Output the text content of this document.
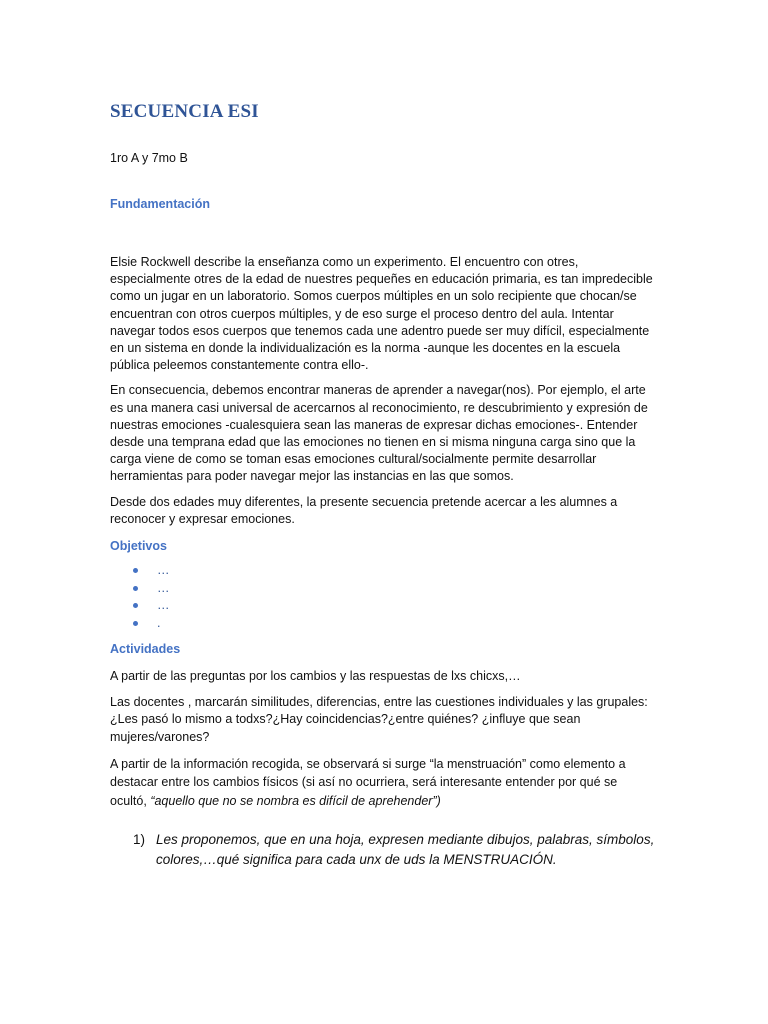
SECUENCIA ESI

1ro A y 7mo B

Fundamentación

Elsie Rockwell describe la enseñanza como un experimento. El encuentro con otres, especialmente otres de la edad de nuestres pequeñes en educación primaria, es tan impredecible como un jugar en un laboratorio. Somos cuerpos múltiples en un solo recipiente que chocan/se encuentran con otros cuerpos múltiples, y de eso surge el proceso dentro del aula. Intentar navegar todos esos cuerpos que tenemos cada une adentro puede ser muy difícil, especialmente en un sistema en donde la individualización es la norma -aunque les docentes en la escuela pública peleemos constantemente contra ello-.

En consecuencia, debemos encontrar maneras de aprender a navegar(nos). Por ejemplo, el arte es una manera casi universal de acercarnos al reconocimiento, re descubrimiento y expresión de nuestras emociones -cualesquiera sean las maneras de expresar dichas emociones-. Entender desde una temprana edad que las emociones no tienen en si misma ninguna carga sino que la carga viene de como se toman esas emociones cultural/socialmente permite desarrollar herramientas para poder navegar mejor las instancias en las que somos.

Desde dos edades muy diferentes, la presente secuencia pretende acercar a les alumnes a reconocer y expresar emociones.

Objetivos
…
…
…
.
Actividades

A partir de las preguntas por los cambios y las respuestas de lxs chicxs,…

Las docentes , marcarán similitudes, diferencias, entre las cuestiones individuales y las grupales:¿Les pasó lo mismo a todxs?¿Hay coincidencias?¿entre quiénes? ¿influye que sean mujeres/varones?

A partir de la información recogida, se observará si surge “la menstruación” como elemento a destacar entre los cambios físicos (si así no ocurriera, será interesante entender por qué se ocultó, “aquello que no se nombra es difícil de aprehender”)

1) Les proponemos, que en una hoja, expresen mediante dibujos, palabras, símbolos, colores,…qué significa para cada unx de uds la MENSTRUACIÓN.
